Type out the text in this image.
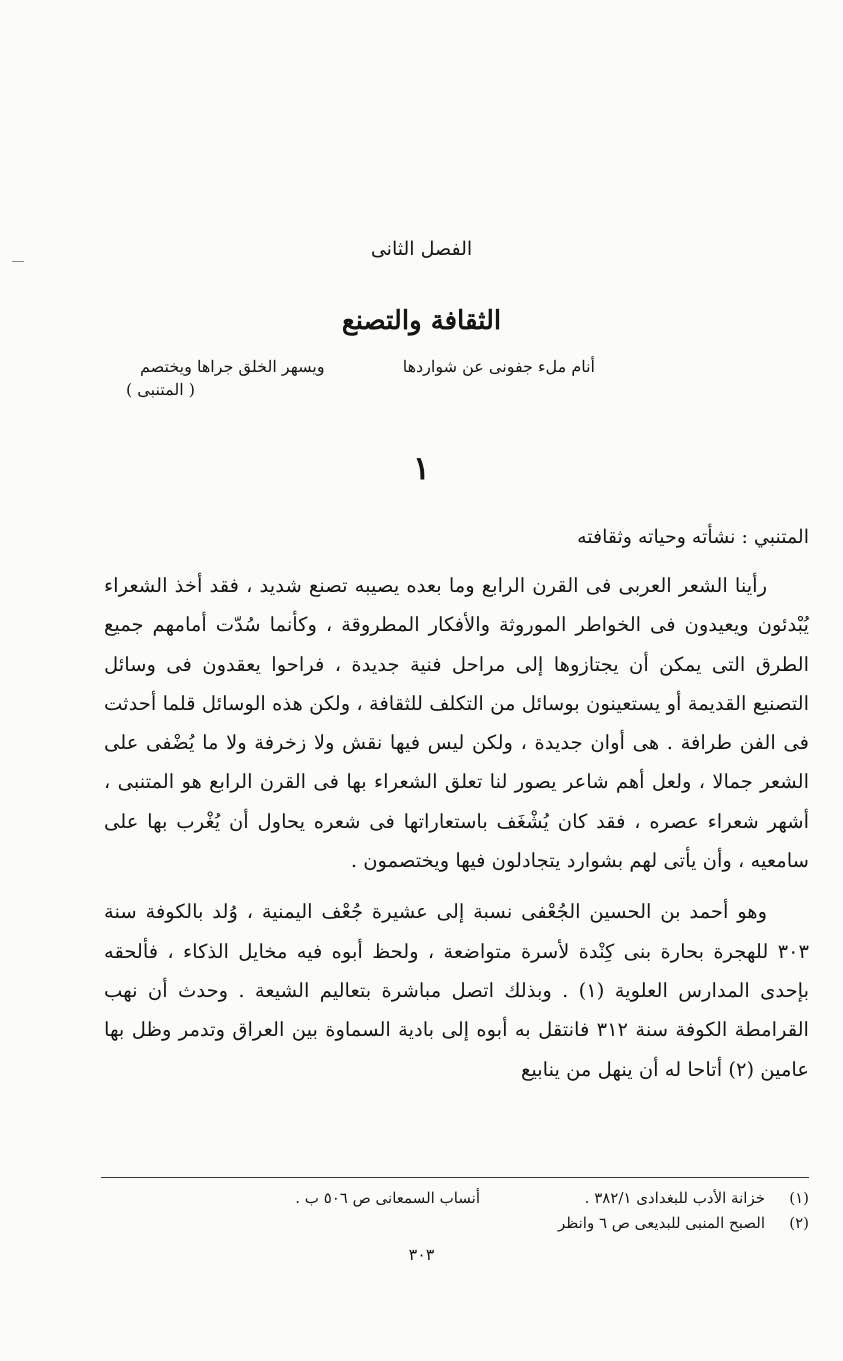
الفصل الثانى
الثقافة والتصنع
أنام ملء جفونى عن شواردها
ويسهر الخلق جراها ويختصم
( المتنبى )
١
المتنبي : نشأته وحياته وثقافته

رأينا الشعر العربى فى القرن الرابع وما بعده يصيبه تصنع شديد ، فقد أخذ الشعراء يُبْدئون ويعيدون فى الخواطر الموروثة والأفكار المطروقة ، وكأنما سُدّت أمامهم جميع الطرق التى يمكن أن يجتازوها إلى مراحل فنية جديدة ، فراحوا يعقدون فى وسائل التصنيع القديمة أو يستعينون بوسائل من التكلف للثقافة ، ولكن هذه الوسائل قلما أحدثت فى الفن طرافة . هى أوان جديدة ، ولكن ليس فيها نقش ولا زخرفة ولا ما يُضْفى على الشعر جمالا ، ولعل أهم شاعر يصور لنا تعلق الشعراء بها فى القرن الرابع هو المتنبى ، أشهر شعراء عصره ، فقد كان يُشْغَف باستعاراتها فى شعره يحاول أن يُغْرب بها على سامعيه ، وأن يأتى لهم بشوارد يتجادلون فيها ويختصمون .

وهو أحمد بن الحسين الجُعْفى نسبة إلى عشيرة جُعْف اليمنية ، وُلد بالكوفة سنة ٣٠٣ للهجرة بحارة بنى كِنْدة لأسرة متواضعة ، ولحظ أبوه فيه مخايل الذكاء ، فألحقه بإحدى المدارس العلوية (١) . وبذلك اتصل مباشرة بتعاليم الشيعة . وحدث أن نهب القرامطة الكوفة سنة ٣١٢ فانتقل به أبوه إلى بادية السماوة بين العراق وتدمر وظل بها عامين (٢) أتاحا له أن ينهل من ينابيع

(١)
خزانة الأدب للبغدادى ٣٨٢/١ .
أنساب السمعانى ص ٥٠٦ ب .
(٢)
الصبح المنبى للبديعى ص ٦ وانظر
٣٠٣
